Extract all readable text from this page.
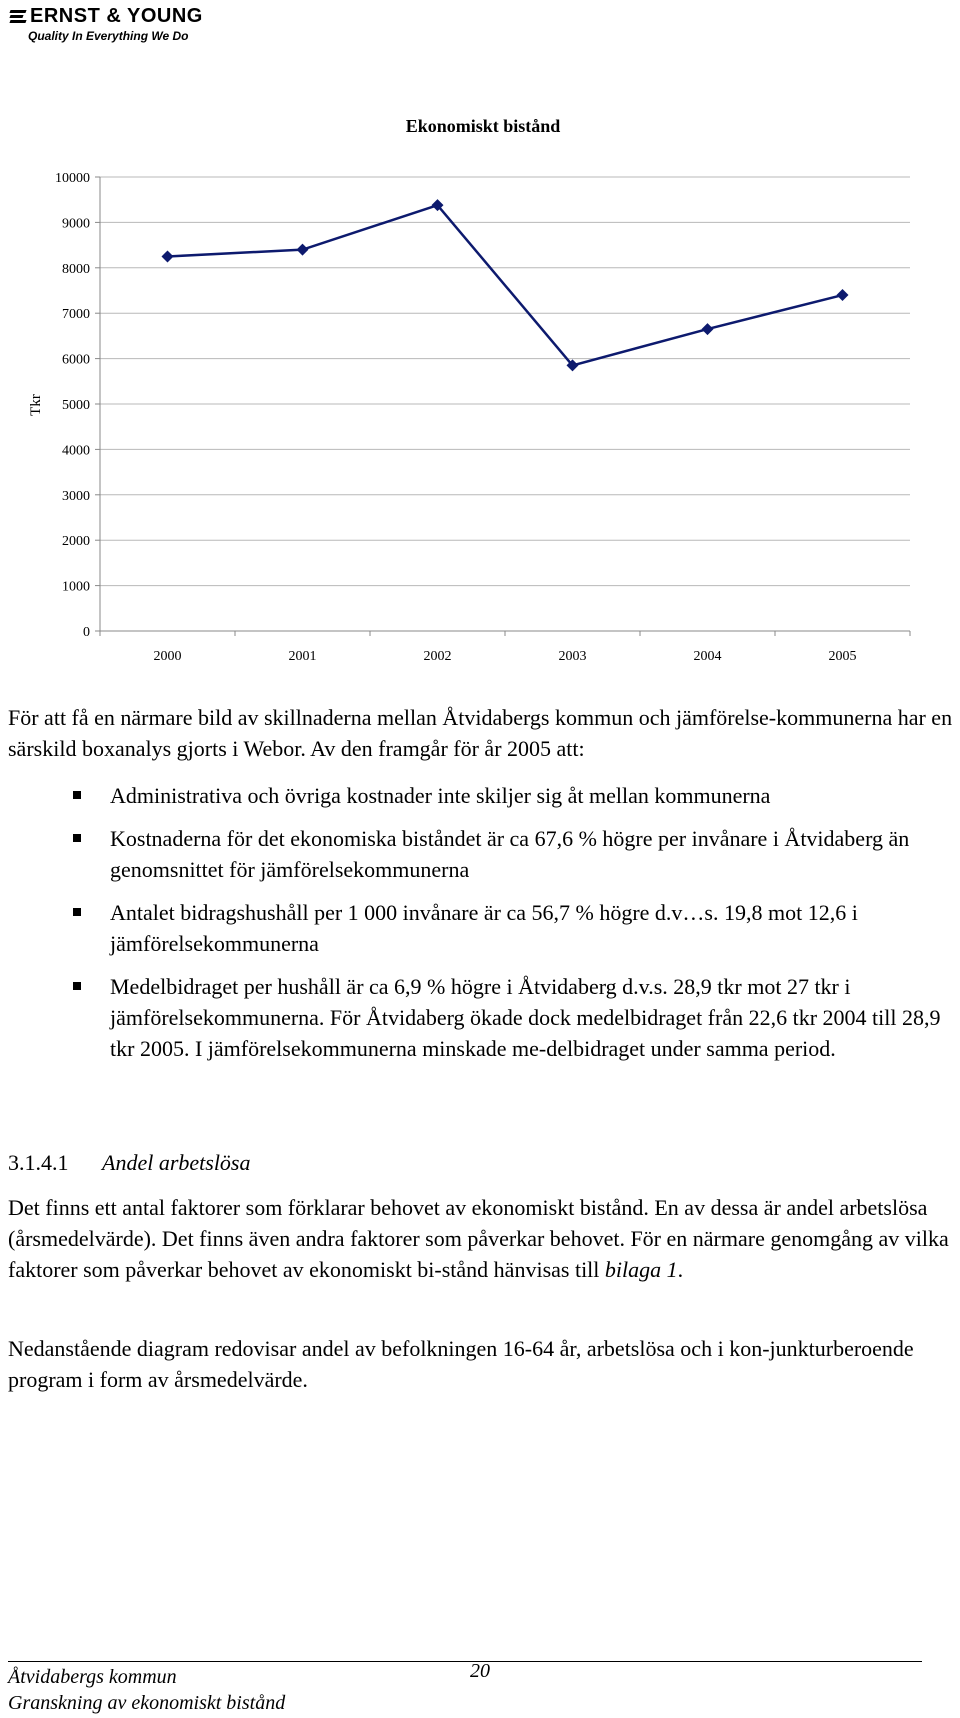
ERNST & YOUNG
Quality In Everything We Do
Ekonomiskt bistånd
Tkr
0
1000
2000
3000
4000
5000
6000
7000
8000
9000
10000
2000	2001	2002	2003	2004	2005
För att få en närmare bild av skillnaderna mellan Åtvidabergs kommun och jämförelse-kommunerna har en särskild boxanalys gjorts i Webor. Av den framgår för år 2005 att:
Administrativa och övriga kostnader inte skiljer sig åt mellan kommunerna
Kostnaderna för det ekonomiska biståndet är ca 67,6 % högre per invånare i Åtvidaberg än genomsnittet för jämförelsekommunerna
Antalet bidragshushåll per 1 000 invånare är ca 56,7 % högre d.v…s. 19,8 mot 12,6 i jämförelsekommunerna
Medelbidraget per hushåll är ca 6,9 % högre i Åtvidaberg d.v.s. 28,9 tkr mot 27 tkr i jämförelsekommunerna. För Åtvidaberg ökade dock medelbidraget från 22,6 tkr 2004 till 28,9 tkr 2005. I jämförelsekommunerna minskade me-delbidraget under samma period.
3.1.4.1 Andel arbetslösa
Det finns ett antal faktorer som förklarar behovet av ekonomiskt bistånd. En av dessa är andel arbetslösa (årsmedelvärde). Det finns även andra faktorer som påverkar behovet. För en närmare genomgång av vilka faktorer som påverkar behovet av ekonomiskt bi-stånd hänvisas till bilaga 1.
Nedanstående diagram redovisar andel av befolkningen 16-64 år, arbetslösa och i kon-junkturberoende program i form av årsmedelvärde.
Åtvidabergs kommun
Granskning av ekonomiskt bistånd
20
